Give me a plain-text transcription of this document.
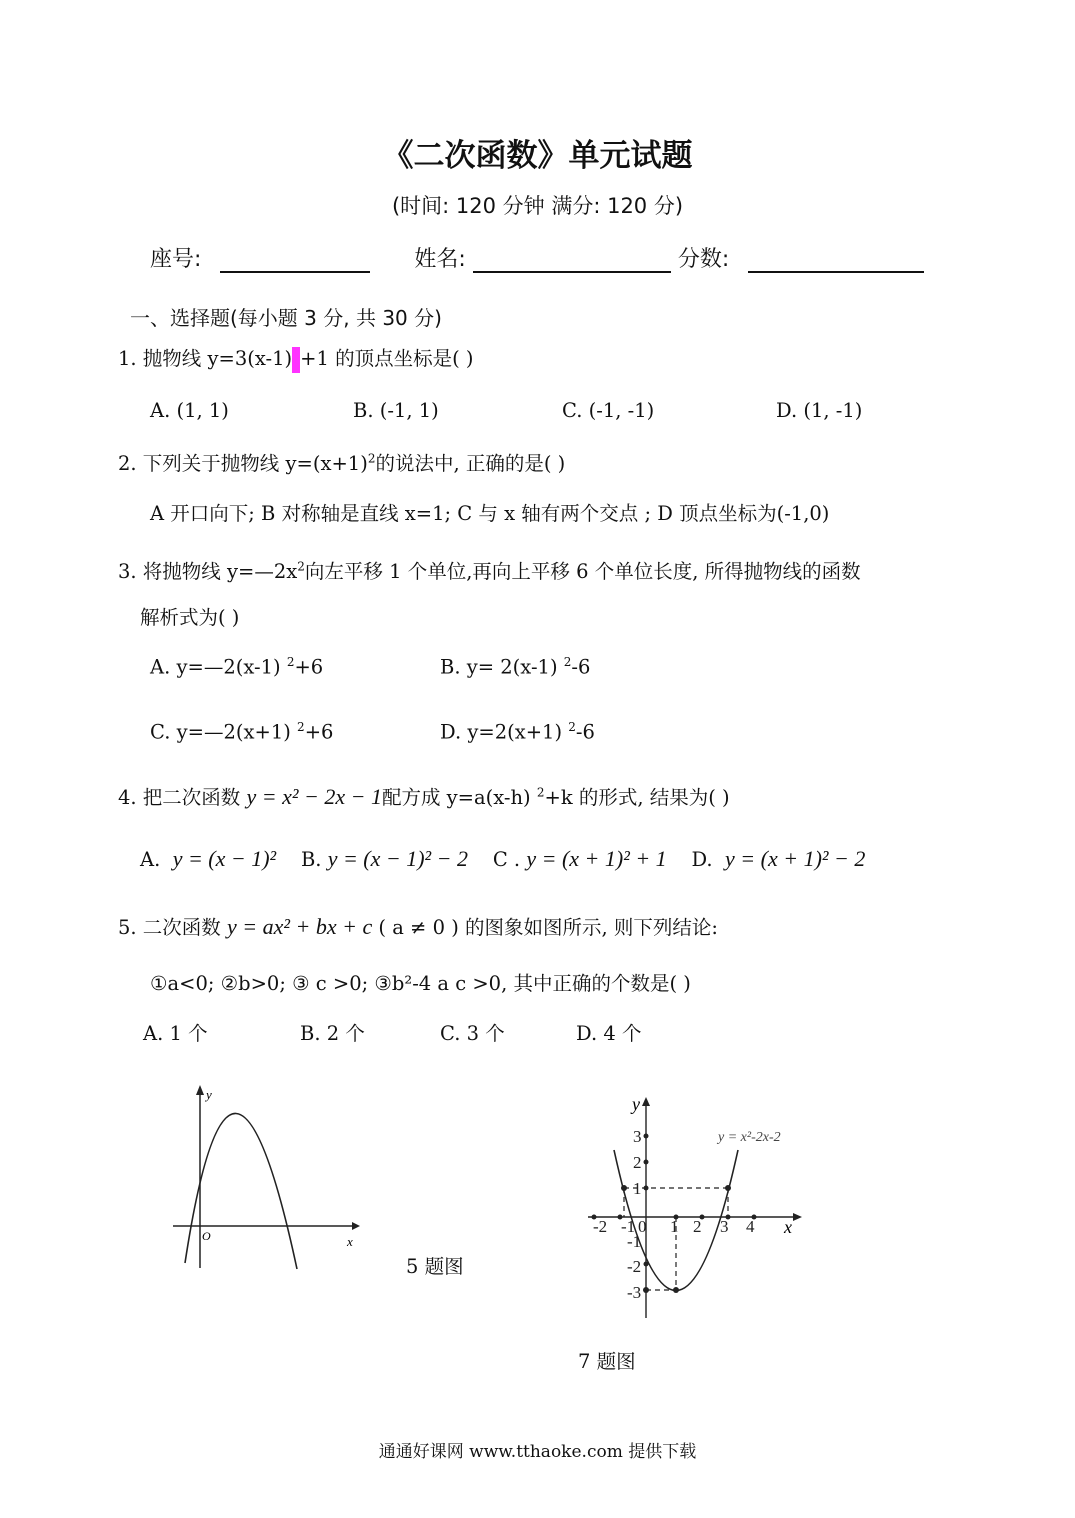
《二次函数》单元试题
(时间: 120 分钟 满分: 120 分)
座号:	姓名:	分数:
一、选择题(每小题 3 分, 共 30 分)
1. 抛物线 y=3(x-1) +1 的顶点坐标是( )
A. (1, 1)	B. (-1, 1)	C. (-1, -1)	D. (1, -1)
2. 下列关于抛物线 $y=(x+1)^2$的说法中, 正确的是( )
A 开口向下; B 对称轴是直线 x=1; C 与 x 轴有两个交点 ; D 顶点坐标为(-1,0)
3. 将抛物线 $y=—2x^2$向左平移 1 个单位,再向上平移 6 个单位长度, 所得抛物线的函数
解析式为( )
A. y=—2(x-1) $^2$+6	B. y= 2(x-1) $^2$-6
C. y=—2(x+1) $^2$+6	D. y=2(x+1) $^2$-6
4. 把二次函数 y = x² − 2x − 1配方成 y=a(x-h) $^2$+k 的形式, 结果为( )
A. y = (x − 1)² B. y = (x − 1)² − 2 C . y = (x + 1)² + 1 D. y = (x + 1)² − 2
5. 二次函数 y = ax² + bx + c ( a ≠ 0 ) 的图象如图所示, 则下列结论:
①a<0; ②b>0; ③ c >0; ③b²-4 a c >0, 其中正确的个数是( )
A. 1 个	B. 2 个	C. 3 个	D. 4 个
y
x
O
5 题图
-2 -1 0 1 2 3 4
3
2
1
-1
-2
-3
x
y
y = x²-2x-2
7 题图
通通好课网 www.tthaoke.com 提供下载
